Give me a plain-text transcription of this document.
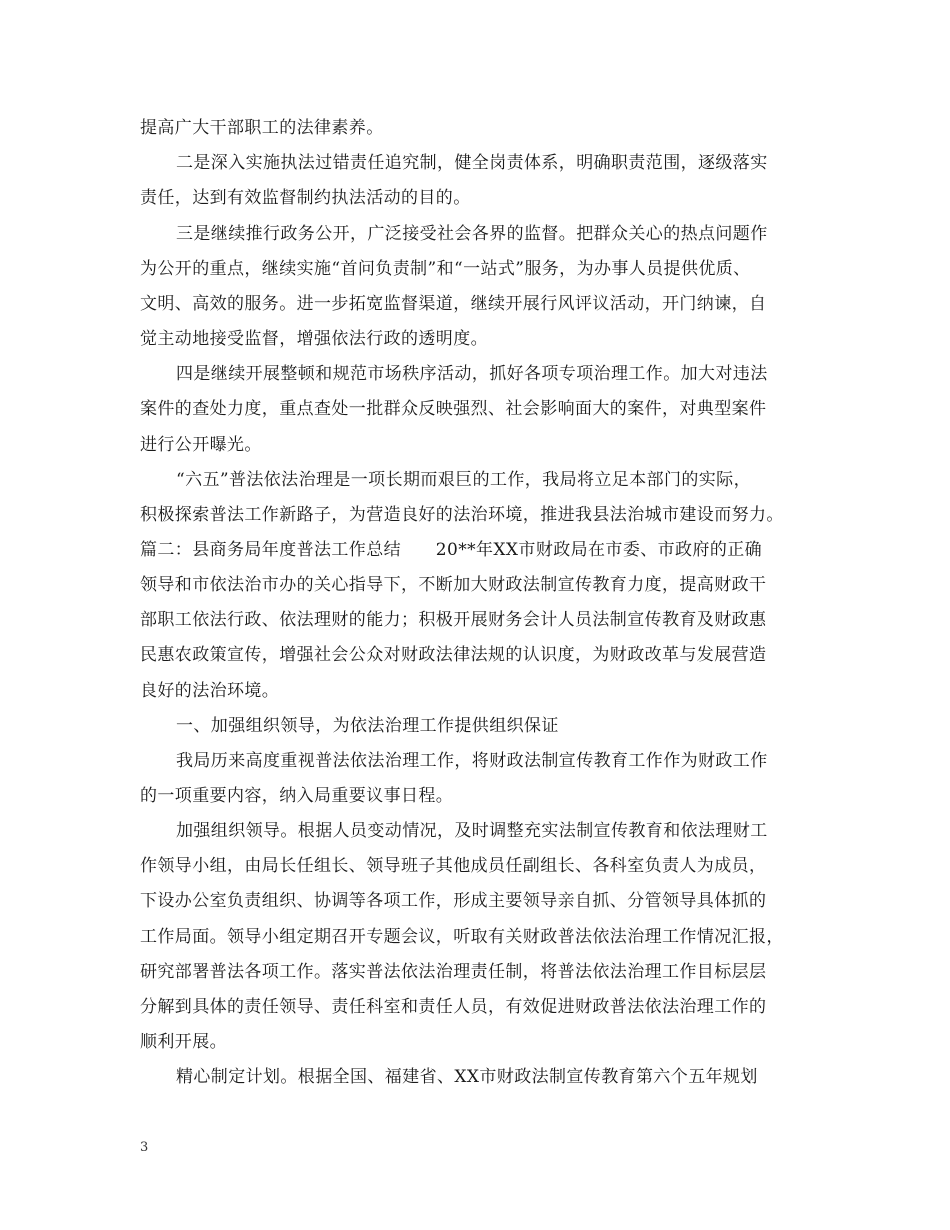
提高广大干部职工的法律素养。
二是深入实施执法过错责任追究制，健全岗责体系，明确职责范围，逐级落实
责任，达到有效监督制约执法活动的目的。
三是继续推行政务公开，广泛接受社会各界的监督。把群众关心的热点问题作
为公开的重点，继续实施“首问负责制”和“一站式”服务，为办事人员提供优质、
文明、高效的服务。进一步拓宽监督渠道，继续开展行风评议活动，开门纳谏，自
觉主动地接受监督，增强依法行政的透明度。
四是继续开展整顿和规范市场秩序活动，抓好各项专项治理工作。加大对违法
案件的查处力度，重点查处一批群众反映强烈、社会影响面大的案件，对典型案件
进行公开曝光。
“六五”普法依法治理是一项长期而艰巨的工作，我局将立足本部门的实际，
积极探索普法工作新路子，为营造良好的法治环境，推进我县法治城市建设而努力。
篇二：县商务局年度普法工作总结　　20**年XX市财政局在市委、市政府的正确
领导和市依法治市办的关心指导下，不断加大财政法制宣传教育力度，提高财政干
部职工依法行政、依法理财的能力；积极开展财务会计人员法制宣传教育及财政惠
民惠农政策宣传，增强社会公众对财政法律法规的认识度，为财政改革与发展营造
良好的法治环境。
一、加强组织领导，为依法治理工作提供组织保证
我局历来高度重视普法依法治理工作，将财政法制宣传教育工作作为财政工作
的一项重要内容，纳入局重要议事日程。
加强组织领导。根据人员变动情况，及时调整充实法制宣传教育和依法理财工
作领导小组，由局长任组长、领导班子其他成员任副组长、各科室负责人为成员，
下设办公室负责组织、协调等各项工作，形成主要领导亲自抓、分管领导具体抓的
工作局面。领导小组定期召开专题会议，听取有关财政普法依法治理工作情况汇报，
研究部署普法各项工作。落实普法依法治理责任制，将普法依法治理工作目标层层
分解到具体的责任领导、责任科室和责任人员，有效促进财政普法依法治理工作的
顺利开展。
精心制定计划。根据全国、福建省、XX市财政法制宣传教育第六个五年规划
3
